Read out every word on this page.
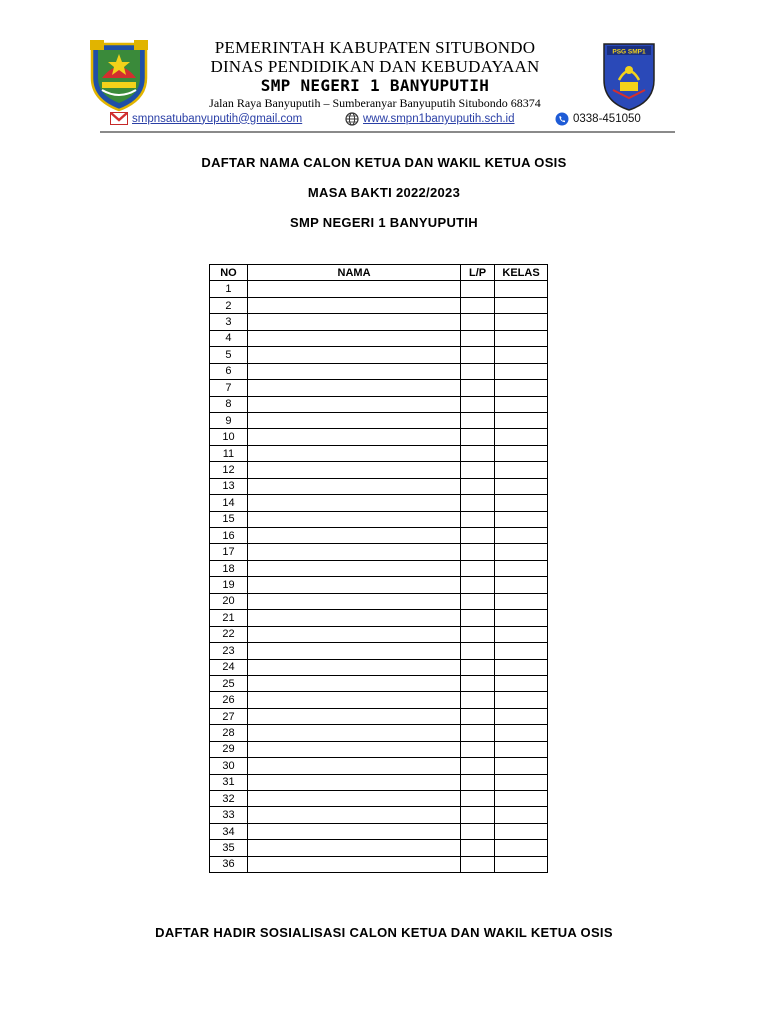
PEMERINTAH KABUPATEN SITUBONDO
DINAS PENDIDIKAN DAN KEBUDAYAAN
SMP NEGERI 1 BANYUPUTIH
Jalan Raya Banyuputih – Sumberanyar Banyuputih Situbondo 68374
PSG SMP1
smpnsatubanyuputih@gmail.com	www.smpn1banyuputih.sch.id	0338-451050
DAFTAR NAMA CALON KETUA DAN WAKIL KETUA OSIS
MASA BAKTI 2022/2023
SMP NEGERI 1 BANYUPUTIH
NO	NAMA	L/P	KELAS
1			
2			
3			
4			
5			
6			
7			
8			
9			
10			
11			
12			
13			
14			
15			
16			
17			
18			
19			
20			
21			
22			
23			
24			
25			
26			
27			
28			
29			
30			
31			
32			
33			
34			
35			
36			
DAFTAR HADIR SOSIALISASI CALON KETUA DAN WAKIL KETUA OSIS
